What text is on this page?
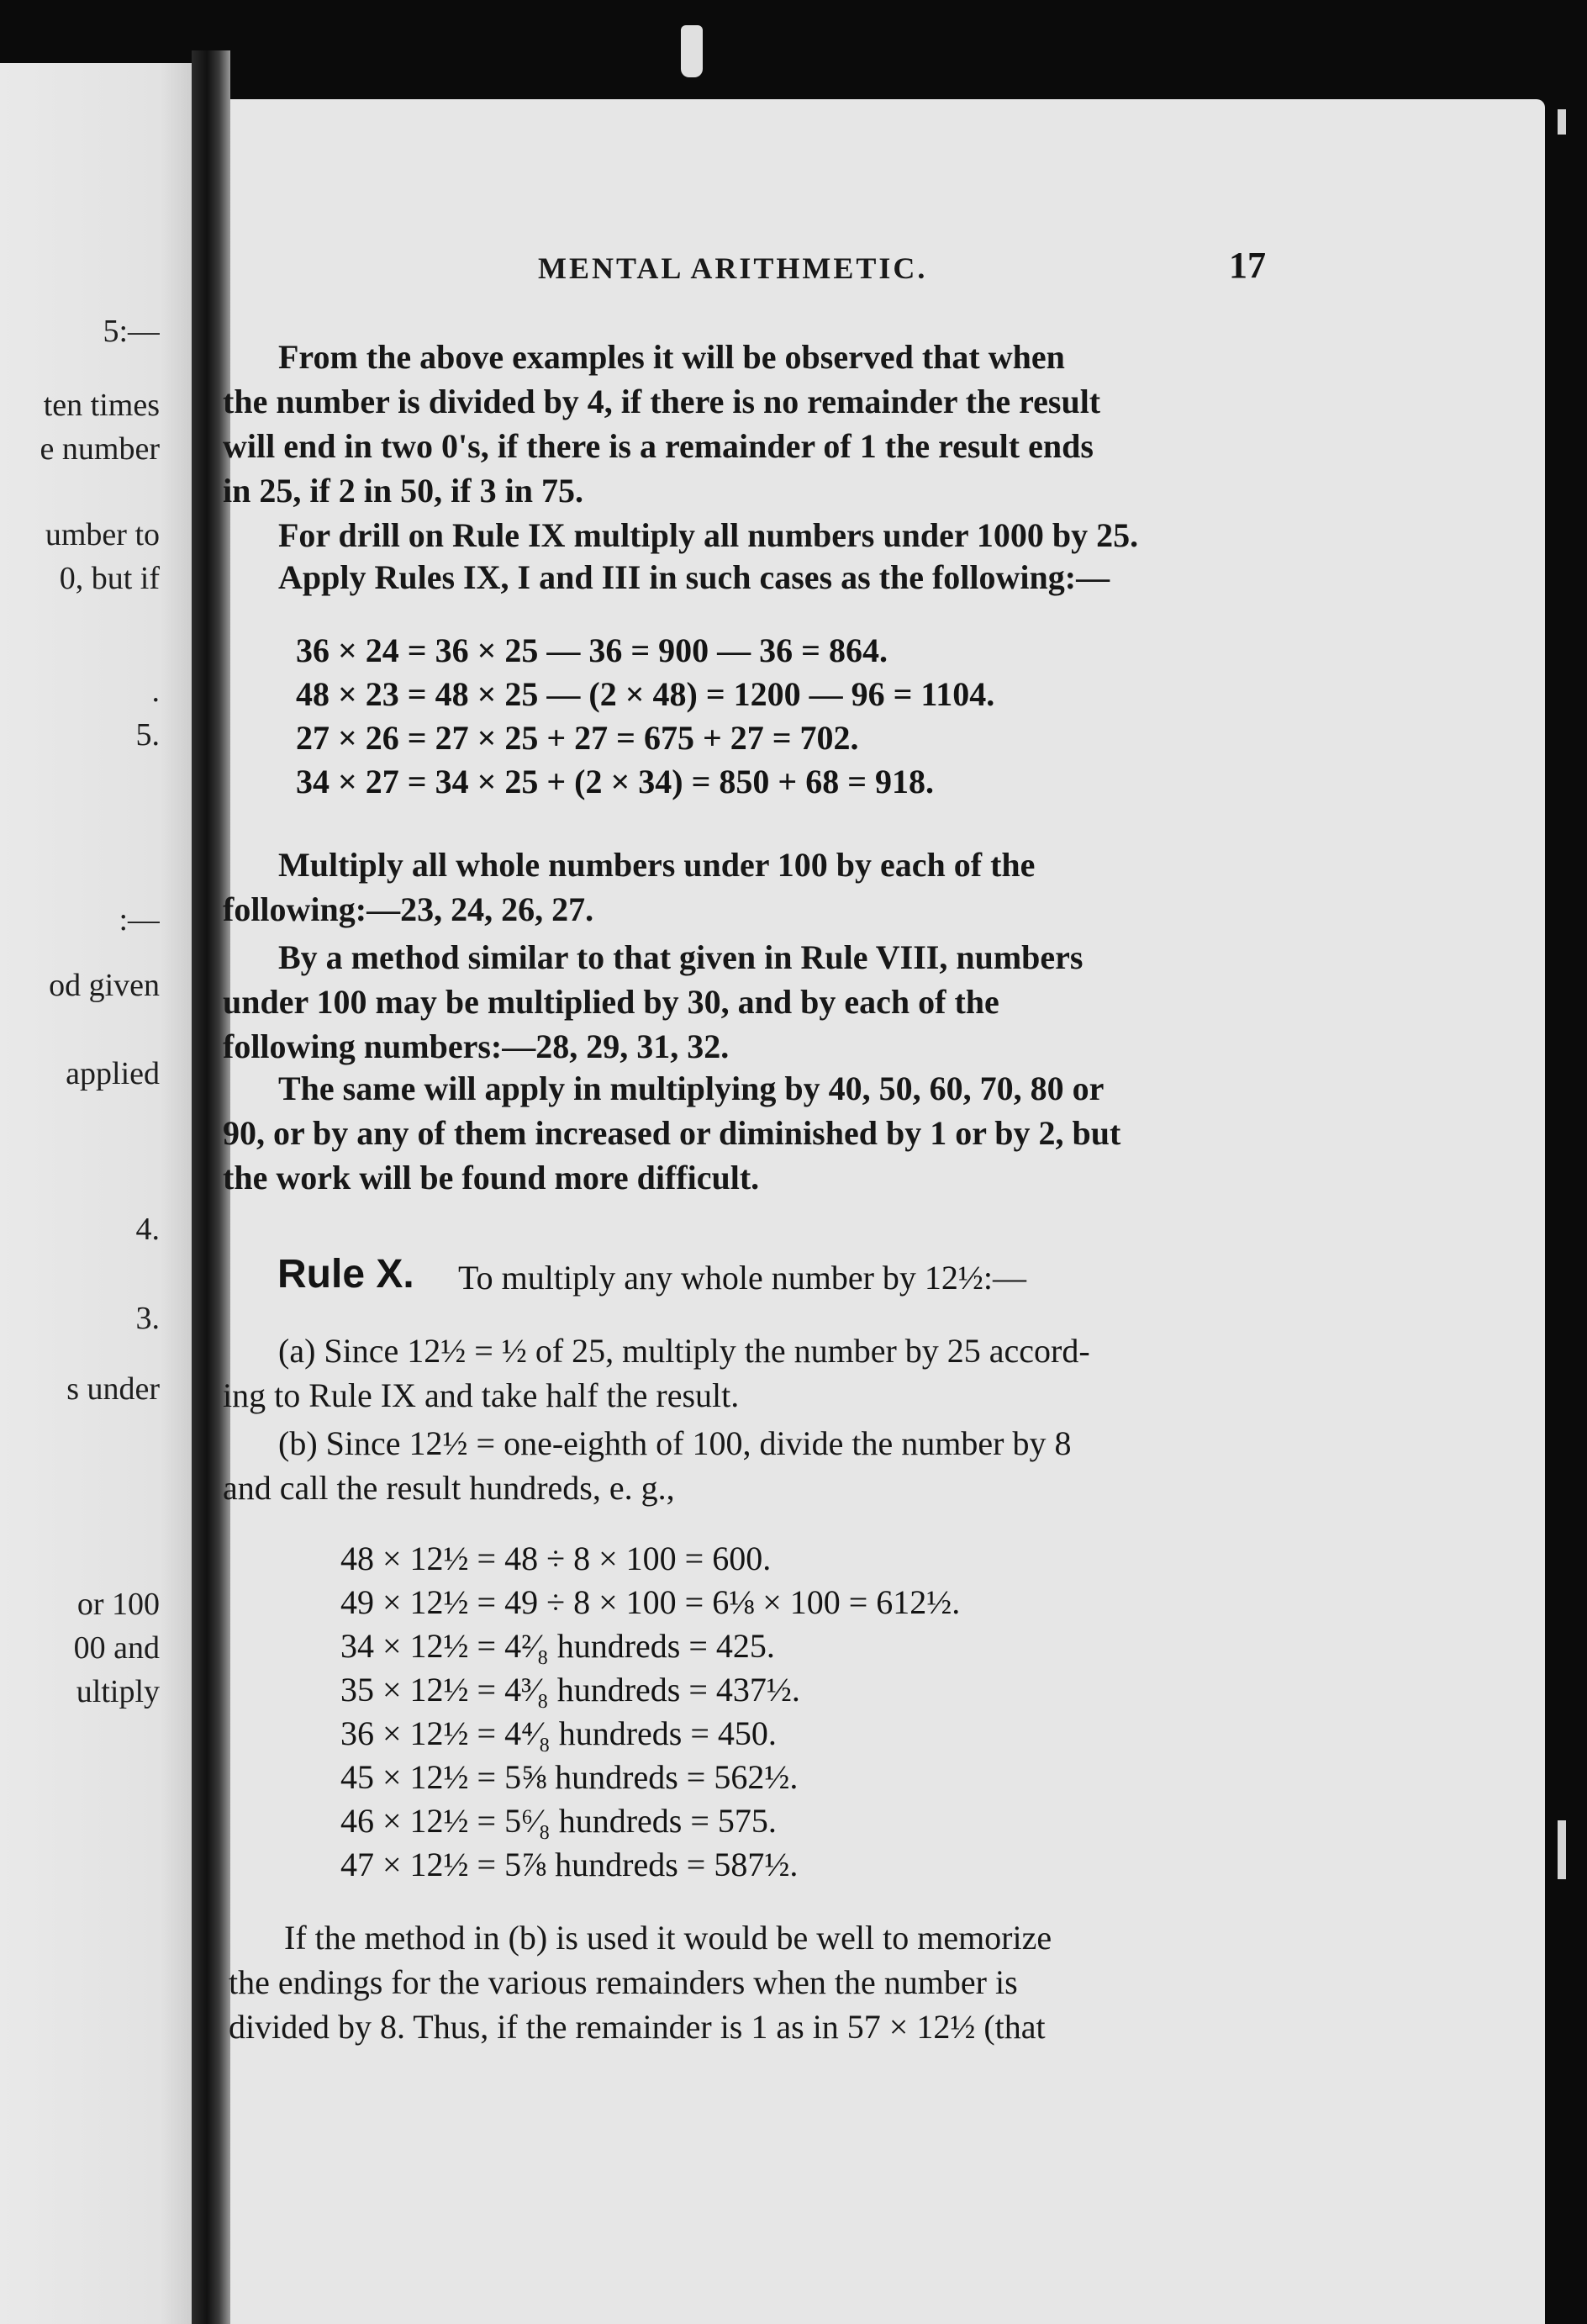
5:—
ten times
e number
umber to
0, but if
.
5.
:—
od given
applied
4.
3.
s under
or 100
00 and
ultiply
MENTAL ARITHMETIC.	17
From the above examples it will be observed that when
the number is divided by 4, if there is no remainder the result
will end in two 0's, if there is a remainder of 1 the result ends
in 25, if 2 in 50, if 3 in 75.
For drill on Rule IX multiply all numbers under 1000 by 25.
Apply Rules IX, I and III in such cases as the following:—
36 × 24 = 36 × 25 — 36 = 900 — 36 = 864.
48 × 23 = 48 × 25 — (2 × 48) = 1200 — 96 = 1104.
27 × 26 = 27 × 25 + 27 = 675 + 27 = 702.
34 × 27 = 34 × 25 + (2 × 34) = 850 + 68 = 918.
Multiply all whole numbers under 100 by each of the
following:—23, 24, 26, 27.
By a method similar to that given in Rule VIII, numbers
under 100 may be multiplied by 30, and by each of the
following numbers:—28, 29, 31, 32.
The same will apply in multiplying by 40, 50, 60, 70, 80 or
90, or by any of them increased or diminished by 1 or by 2, but
the work will be found more difficult.
Rule X. To multiply any whole number by 12½:—
(a) Since 12½ = ½ of 25, multiply the number by 25 accord-
ing to Rule IX and take half the result.
(b) Since 12½ = one-eighth of 100, divide the number by 8
and call the result hundreds, e. g.,
48 × 12½ = 48 ÷ 8 × 100 = 600.
49 × 12½ = 49 ÷ 8 × 100 = 6⅛ × 100 = 612½.
34 × 12½ = 4²⁄₈ hundreds = 425.
35 × 12½ = 4³⁄₈ hundreds = 437½.
36 × 12½ = 4⁴⁄₈ hundreds = 450.
45 × 12½ = 5⅝ hundreds = 562½.
46 × 12½ = 5⁶⁄₈ hundreds = 575.
47 × 12½ = 5⅞ hundreds = 587½.
If the method in (b) is used it would be well to memorize
the endings for the various remainders when the number is
divided by 8. Thus, if the remainder is 1 as in 57 × 12½ (that
